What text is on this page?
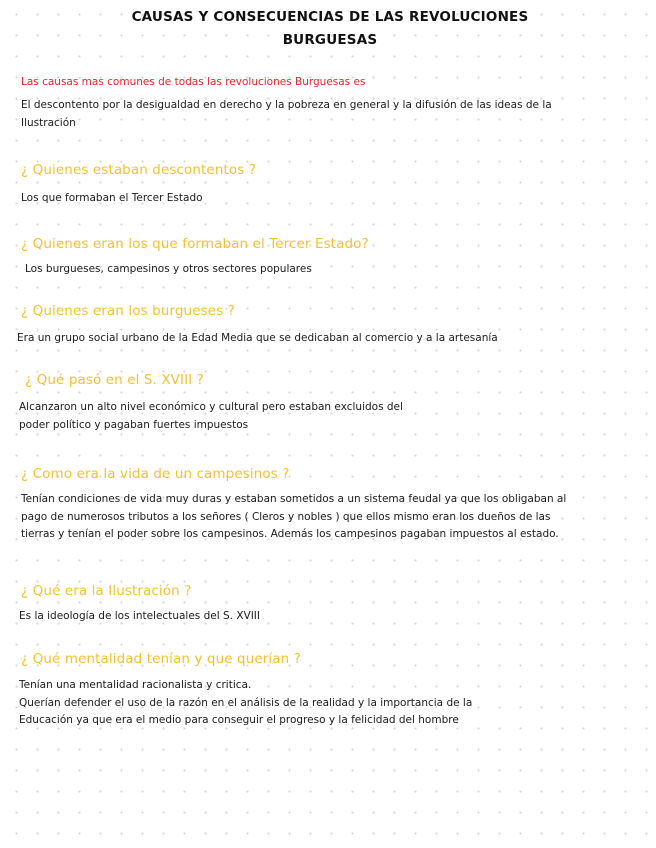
CAUSAS Y CONSECUENCIAS DE LAS REVOLUCIONES
BURGUESAS
Las causas mas comunes de todas las revoluciones Burguesas es
El descontento por la desigualdad en derecho y la pobreza en general y la difusión de las ideas de la
Ilustración
¿ Quienes estaban descontentos ?
Los que formaban el Tercer Estado
¿ Quienes eran los que formaban el Tercer Estado?
Los burgueses, campesinos y otros sectores populares
¿ Quienes eran los burgueses ?
Era un grupo social urbano de la Edad Media que se dedicaban al comercio y a la artesanía
¿ Qué pasó en el S. XVIII ?
Alcanzaron un alto nivel económico y cultural pero estaban excluidos del
poder político y pagaban fuertes impuestos
¿ Como era la vida de un campesinos ?
Tenían condiciones de vida muy duras y estaban sometidos a un sistema feudal ya que los obligaban al
pago de numerosos tributos a los señores ( Cleros y nobles ) que ellos mismo eran los dueños de las
tierras y tenían el poder sobre los campesinos. Además los campesinos pagaban impuestos al estado.
¿ Qué era la Ilustración ?
Es la ideología de los intelectuales del S. XVIII
¿ Qué mentalidad tenían y que querían ?
Tenían una mentalidad racionalista y critica.
Querían defender el uso de la razón en el análisis de la realidad y la importancia de la
Educación ya que era el medio para conseguir el progreso y la felicidad del hombre
